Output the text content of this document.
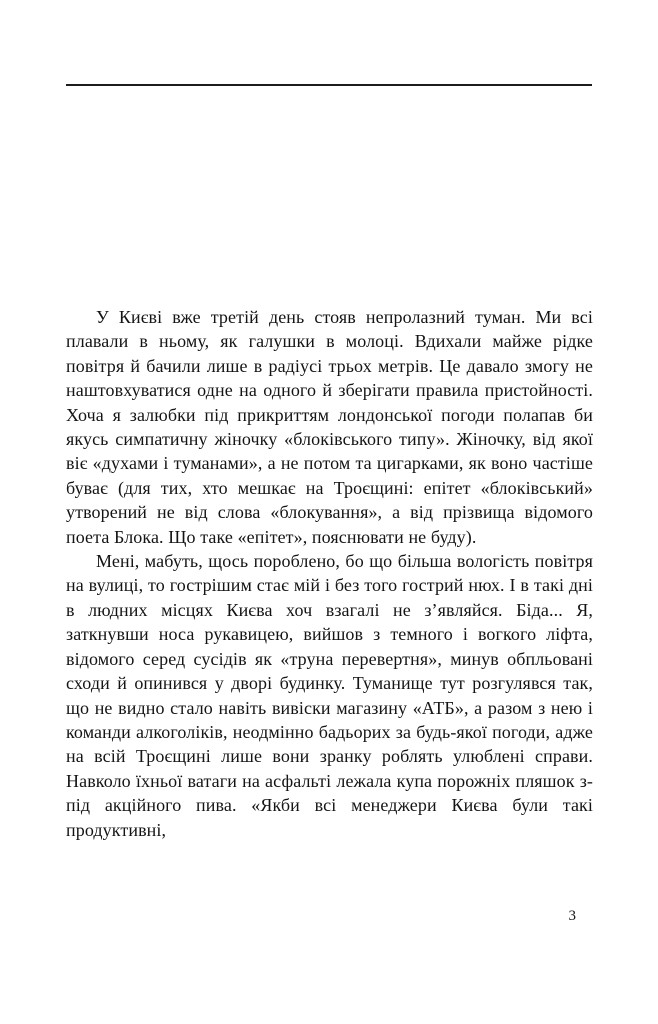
У Києві вже третій день стояв непролазний туман. Ми всі плавали в ньому, як галушки в молоці. Вдихали майже рідке повітря й бачили лише в радіусі трьох метрів. Це давало змогу не наштовхуватися одне на одного й зберігати правила пристойності. Хоча я залюбки під прикриттям лондонської погоди полапав би якусь симпатичну жіночку «блоківського типу». Жіночку, від якої віє «духами і туманами», а не потом та цигарками, як воно частіше буває (для тих, хто мешкає на Троєщині: епітет «блоківський» утворений не від слова «блокування», а від прізвища відомого поета Блока. Що таке «епітет», пояснювати не буду).

Мені, мабуть, щось пороблено, бо що більша вологість повітря на вулиці, то гострішим стає мій і без того гострий нюх. І в такі дні в людних місцях Києва хоч взагалі не з’являйся. Біда... Я, заткнувши носа рукавицею, вийшов з темного і вогкого ліфта, відомого серед сусідів як «труна перевертня», минув обпльовані сходи й опинився у дворі будинку. Туманище тут розгулявся так, що не видно стало навіть вивіски магазину «АТБ», а разом з нею і команди алкоголіків, неодмінно бадьорих за будь-якої погоди, адже на всій Троєщині лише вони зранку роблять улюблені справи. Навколо їхньої ватаги на асфальті лежала купа порожніх пляшок з-під акційного пива. «Якби всі менеджери Києва були такі продуктивні,

3
